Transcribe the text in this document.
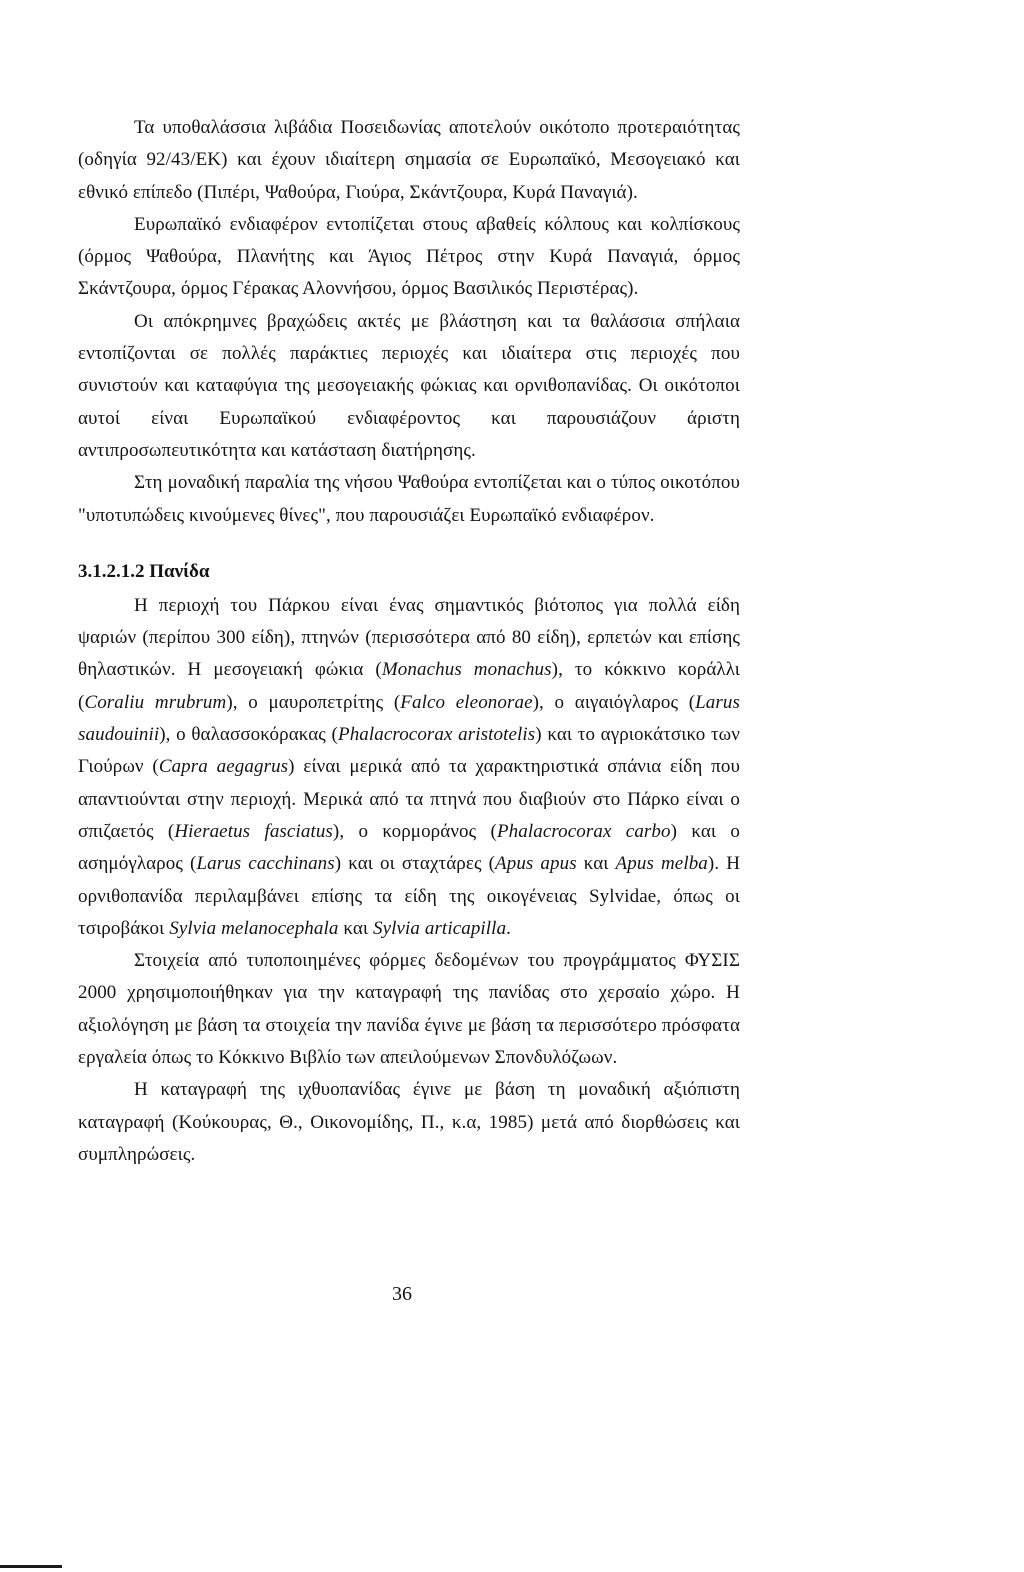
Τα υποθαλάσσια λιβάδια Ποσειδωνίας αποτελούν οικότοπο προτεραιότητας (οδηγία 92/43/ΕΚ) και έχουν ιδιαίτερη σημασία σε Ευρωπαϊκό, Μεσογειακό και εθνικό επίπεδο (Πιπέρι, Ψαθούρα, Γιούρα, Σκάντζουρα, Κυρά Παναγιά).

Ευρωπαϊκό ενδιαφέρον εντοπίζεται στους αβαθείς κόλπους και κολπίσκους (όρμος Ψαθούρα, Πλανήτης και Άγιος Πέτρος στην Κυρά Παναγιά, όρμος Σκάντζουρα, όρμος Γέρακας Αλοννήσου, όρμος Βασιλικός Περιστέρας).

Οι απόκρημνες βραχώδεις ακτές με βλάστηση και τα θαλάσσια σπήλαια εντοπίζονται σε πολλές παράκτιες περιοχές και ιδιαίτερα στις περιοχές που συνιστούν και καταφύγια της μεσογειακής φώκιας και ορνιθοπανίδας. Οι οικότοποι αυτοί είναι Ευρωπαϊκού ενδιαφέροντος και παρουσιάζουν άριστη αντιπροσωπευτικότητα και κατάσταση διατήρησης.

Στη μοναδική παραλία της νήσου Ψαθούρα εντοπίζεται και ο τύπος οικοτόπου "υποτυπώδεις κινούμενες θίνες", που παρουσιάζει Ευρωπαϊκό ενδιαφέρον.

3.1.2.1.2 Πανίδα

Η περιοχή του Πάρκου είναι ένας σημαντικός βιότοπος για πολλά είδη ψαριών (περίπου 300 είδη), πτηνών (περισσότερα από 80 είδη), ερπετών και επίσης θηλαστικών. Η μεσογειακή φώκια (Monachus monachus), το κόκκινο κοράλλι (Coraliu mrubrum), ο μαυροπετρίτης (Falco eleonorae), ο αιγαιόγλαρος (Larus saudouinii), ο θαλασσοκόρακας (Phalacrocorax aristotelis) και το αγριοκάτσικο των Γιούρων (Capra aegagrus) είναι μερικά από τα χαρακτηριστικά σπάνια είδη που απαντιούνται στην περιοχή. Μερικά από τα πτηνά που διαβιούν στο Πάρκο είναι ο σπιζαετός (Hieraetus fasciatus), ο κορμοράνος (Phalacrocorax carbo) και ο ασημόγλαρος (Larus cacchinans) και οι σταχτάρες (Apus apus και Apus melba). Η ορνιθοπανίδα περιλαμβάνει επίσης τα είδη της οικογένειας Sylvidae, όπως οι τσιροβάκοι Sylvia melanocephala και Sylvia articapilla.

Στοιχεία από τυποποιημένες φόρμες δεδομένων του προγράμματος ΦΥΣΙΣ 2000 χρησιμοποιήθηκαν για την καταγραφή της πανίδας στο χερσαίο χώρο. Η αξιολόγηση με βάση τα στοιχεία την πανίδα έγινε με βάση τα περισσότερο πρόσφατα εργαλεία όπως το Κόκκινο Βιβλίο των απειλούμενων Σπονδυλόζωων.

Η καταγραφή της ιχθυοπανίδας έγινε με βάση τη μοναδική αξιόπιστη καταγραφή (Κούκουρας, Θ., Οικονομίδης, Π., κ.α, 1985) μετά από διορθώσεις και συμπληρώσεις.

36
